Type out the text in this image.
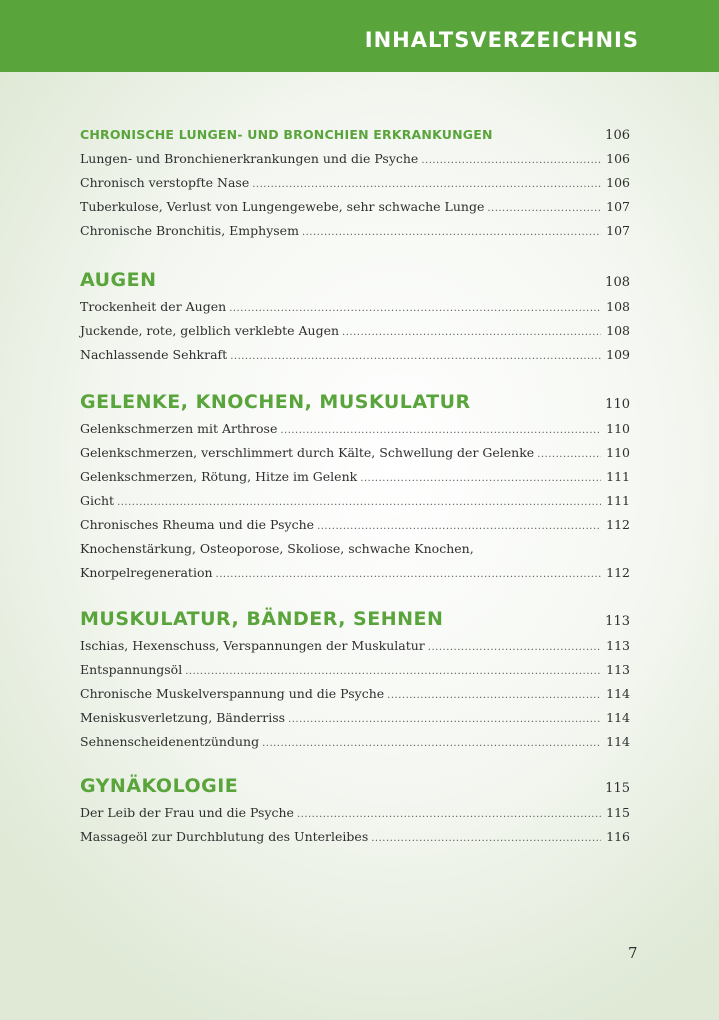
INHALTSVERZEICHNIS
CHRONISCHE LUNGEN- UND BRONCHIEN ERKRANKUNGEN	106
Lungen- und Bronchienerkrankungen und die Psyche .....	106
Chronisch verstopfte Nase .....	106
Tuberkulose, Verlust von Lungengewebe, sehr schwache Lunge .....	107
Chronische Bronchitis, Emphysem .....	107
AUGEN	108
Trockenheit der Augen .....	108
Juckende, rote, gelblich verklebte Augen .....	108
Nachlassende Sehkraft .....	109
GELENKE, KNOCHEN, MUSKULATUR	110
Gelenkschmerzen mit Arthrose .....	110
Gelenkschmerzen, verschlimmert durch Kälte, Schwellung der Gelenke .....	110
Gelenkschmerzen, Rötung, Hitze im Gelenk .....	111
Gicht .....	111
Chronisches Rheuma und die Psyche .....	112
Knochenstärkung, Osteoporose, Skoliose, schwache Knochen,
Knorpelregeneration .....	112
MUSKULATUR, BÄNDER, SEHNEN	113
Ischias, Hexenschuss, Verspannungen der Muskulatur .....	113
Entspannungsöl .....	113
Chronische Muskelverspannung und die Psyche .....	114
Meniskusverletzung, Bänderriss .....	114
Sehnenscheidenentzündung .....	114
GYNÄKOLOGIE	115
Der Leib der Frau und die Psyche .....	115
Massageöl zur Durchblutung des Unterleibes .....	116
7
